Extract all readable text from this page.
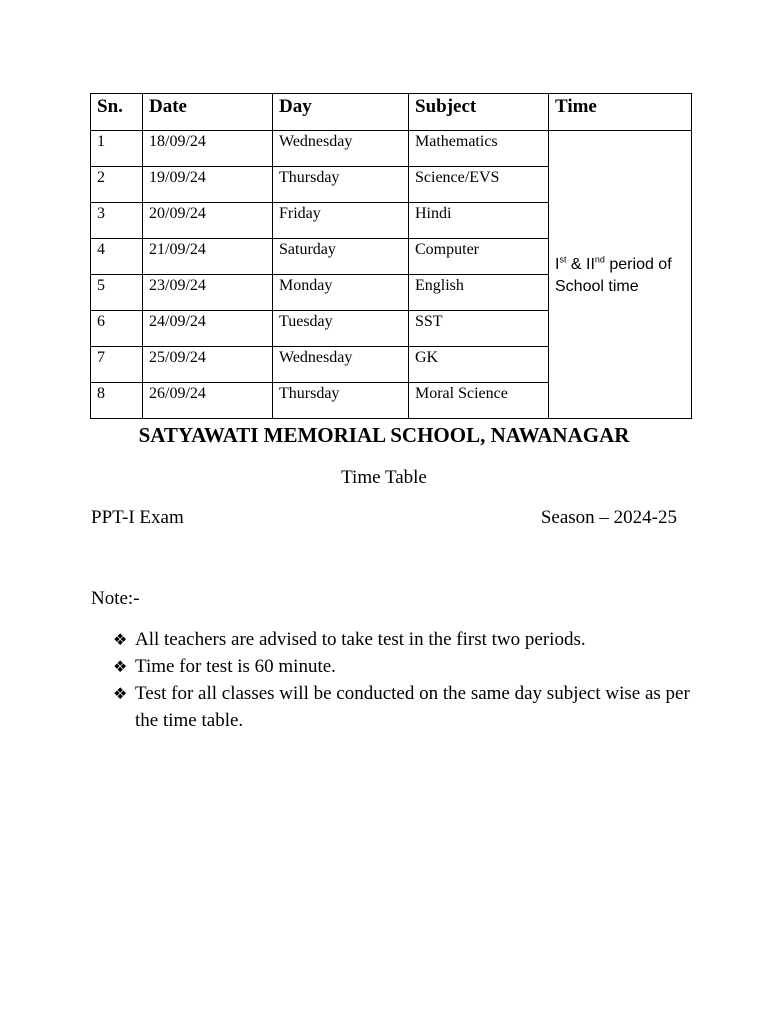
Sn.	Date	Day	Subject	Time
1	18/09/24	Wednesday	Mathematics	Ist & IInd period of School time
2	19/09/24	Thursday	Science/EVS	
3	20/09/24	Friday	Hindi	
4	21/09/24	Saturday	Computer	
5	23/09/24	Monday	English	
6	24/09/24	Tuesday	SST	
7	25/09/24	Wednesday	GK	
8	26/09/24	Thursday	Moral Science	
SATYAWATI MEMORIAL SCHOOL, NAWANAGAR
Time Table
PPT-I Exam	Season – 2024-25
Note:-
❖ All teachers are advised to take test in the first two periods.
❖ Time for test is 60 minute.
❖ Test for all classes will be conducted on the same day subject wise as per the time table.
